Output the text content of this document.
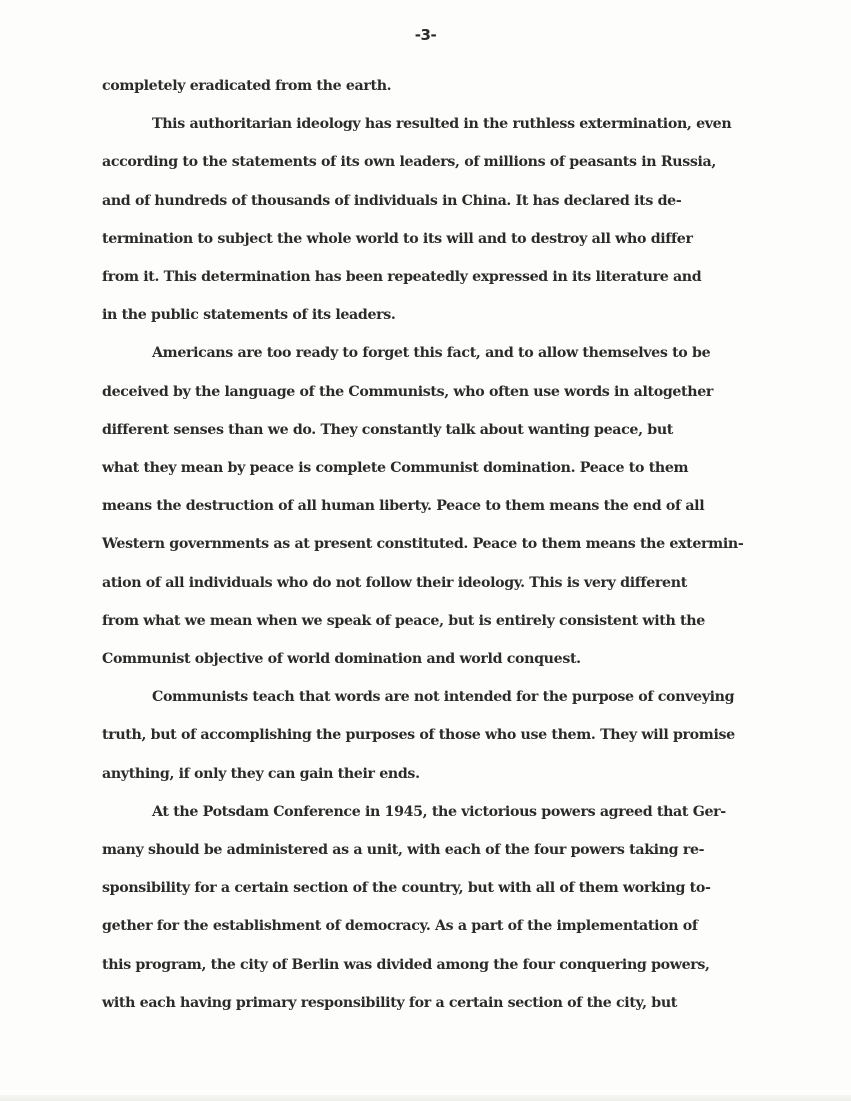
-3-
completely eradicated from the earth.
This authoritarian ideology has resulted in the ruthless extermination, even
according to the statements of its own leaders, of millions of peasants in Russia,
and of hundreds of thousands of individuals in China. It has declared its de-
termination to subject the whole world to its will and to destroy all who differ
from it. This determination has been repeatedly expressed in its literature and
in the public statements of its leaders.
Americans are too ready to forget this fact, and to allow themselves to be
deceived by the language of the Communists, who often use words in altogether
different senses than we do. They constantly talk about wanting peace, but
what they mean by peace is complete Communist domination. Peace to them
means the destruction of all human liberty. Peace to them means the end of all
Western governments as at present constituted. Peace to them means the extermin-
ation of all individuals who do not follow their ideology. This is very different
from what we mean when we speak of peace, but is entirely consistent with the
Communist objective of world domination and world conquest.
Communists teach that words are not intended for the purpose of conveying
truth, but of accomplishing the purposes of those who use them. They will promise
anything, if only they can gain their ends.
At the Potsdam Conference in 1945, the victorious powers agreed that Ger-
many should be administered as a unit, with each of the four powers taking re-
sponsibility for a certain section of the country, but with all of them working to-
gether for the establishment of democracy. As a part of the implementation of
this program, the city of Berlin was divided among the four conquering powers,
with each having primary responsibility for a certain section of the city, but
